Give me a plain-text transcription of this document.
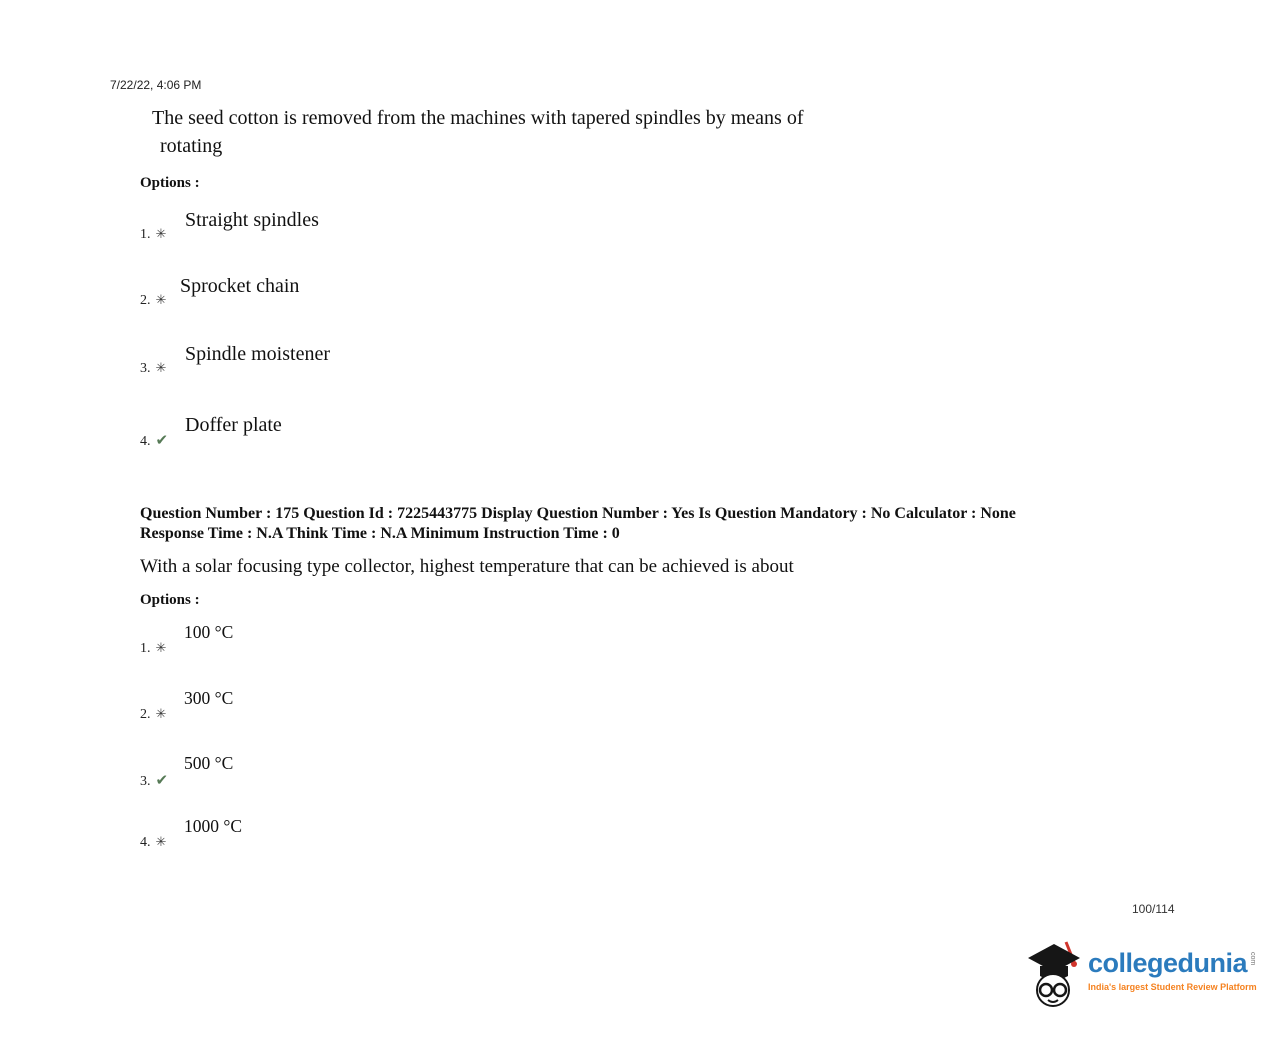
7/22/22, 4:06 PM
The seed cotton is removed from the machines with tapered spindles by means of
rotating
Options :
Straight spindles
1. ✳
Sprocket chain
2. ✳
Spindle moistener
3. ✳
Doffer plate
4. ✔
Question Number : 175 Question Id : 7225443775 Display Question Number : Yes Is Question Mandatory : No Calculator : None
Response Time : N.A Think Time : N.A Minimum Instruction Time : 0
With a solar focusing type collector, highest temperature that can be achieved is about
Options :
100 °C
1. ✳
300 °C
2. ✳
500 °C
3. ✔
1000 °C
4. ✳
100/114
collegedunia com
India's largest Student Review Platform
